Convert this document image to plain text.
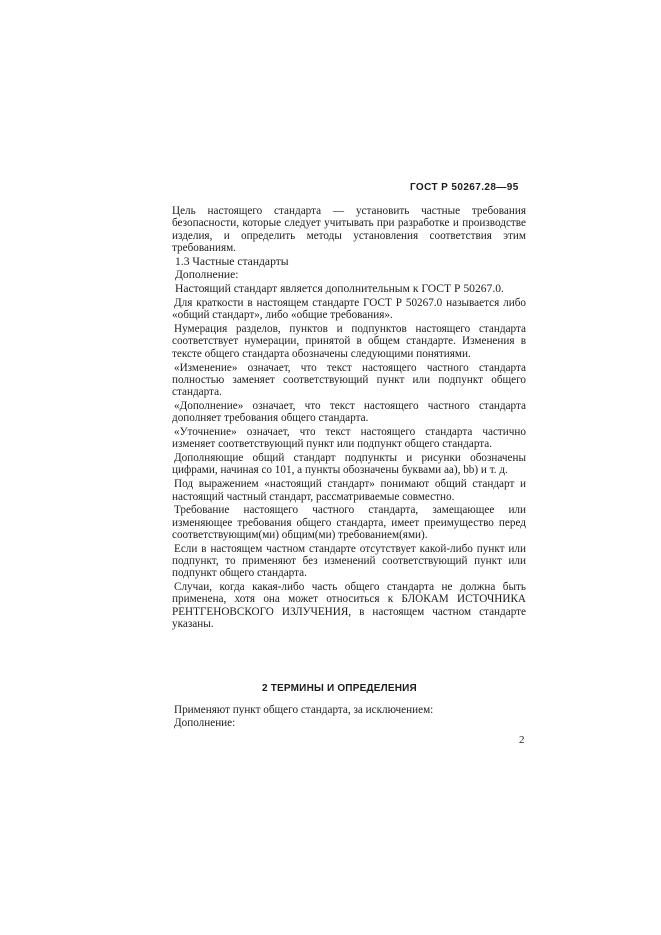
ГОСТ Р 50267.28—95

Цель настоящего стандарта — установить частные требования безопасности, которые следует учитывать при разработке и производстве изделия, и определить методы установления соответствия этим требованиям.

1.3 Частные стандарты

Дополнение:

Настоящий стандарт является дополнительным к ГОСТ Р 50267.0.

Для краткости в настоящем стандарте ГОСТ Р 50267.0 называется либо «общий стандарт», либо «общие требования».

Нумерация разделов, пунктов и подпунктов настоящего стандарта соответствует нумерации, принятой в общем стандарте. Изменения в тексте общего стандарта обозначены следующими понятиями.

«Изменение» означает, что текст настоящего частного стандарта полностью заменяет соответствующий пункт или подпункт общего стандарта.

«Дополнение» означает, что текст настоящего частного стандарта дополняет требования общего стандарта.

«Уточнение» означает, что текст настоящего стандарта частично изменяет соответствующий пункт или подпункт общего стандарта.

Дополняющие общий стандарт подпункты и рисунки обозначены цифрами, начиная со 101, а пункты обозначены буквами аа), bb) и т. д.

Под выражением «настоящий стандарт» понимают общий стандарт и настоящий частный стандарт, рассматриваемые совместно.

Требование настоящего частного стандарта, замещающее или изменяющее требования общего стандарта, имеет преимущество перед соответствующим(ми) общим(ми) требованием(ями).

Если в настоящем частном стандарте отсутствует какой-либо пункт или подпункт, то применяют без изменений соответствующий пункт или подпункт общего стандарта.

Случаи, когда какая-либо часть общего стандарта не должна быть применена, хотя она может относиться к БЛОКАМ ИСТОЧНИКА РЕНТГЕНОВСКОГО ИЗЛУЧЕНИЯ, в настоящем частном стандарте указаны.

2 ТЕРМИНЫ И ОПРЕДЕЛЕНИЯ

Применяют пункт общего стандарта, за исключением:

Дополнение:

2
